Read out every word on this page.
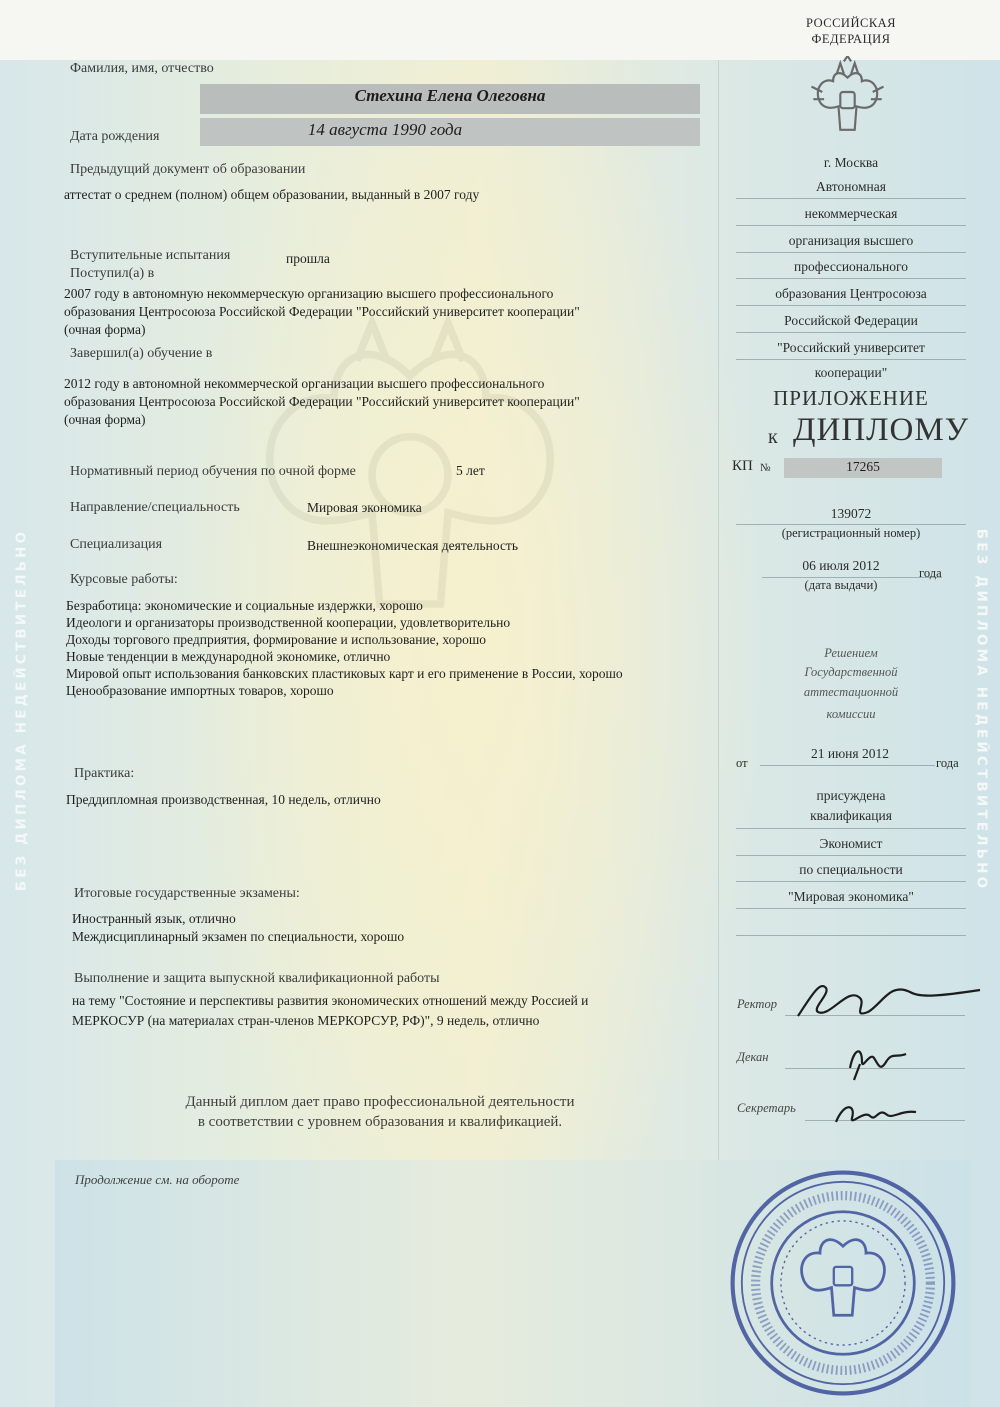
БЕЗ ДИПЛОМА НЕДЕЙСТВИТЕЛЬНО	БЕЗ ДИПЛОМА НЕДЕЙСТВИТЕЛЬНО
Фамилия, имя, отчество
Стехина Елена Олеговна
Дата рождения	14 августа 1990 года
Предыдущий документ об образовании
аттестат о среднем (полном) общем образовании, выданный в 2007 году
Вступительные испытания	прошла
Поступил(а) в
2007 году в автономную некоммерческую организацию высшего профессионального
образования Центросоюза Российской Федерации "Российский университет кооперации"
(очная форма)
Завершил(а) обучение в
2012 году в автономной некоммерческой организации высшего профессионального
образования Центросоюза Российской Федерации "Российский университет кооперации"
(очная форма)
Нормативный период обучения по очной форме	5 лет
Направление/специальность	Мировая экономика
Специализация	Внешнеэкономическая деятельность
Курсовые работы:
Безработица: экономические и социальные издержки, хорошо
Идеологи и организаторы производственной кооперации, удовлетворительно
Доходы торгового предприятия, формирование и использование, хорошо
Новые тенденции в международной экономике, отлично
Мировой опыт использования банковских пластиковых карт и его применение в России, хорошо
Ценообразование импортных товаров, хорошо
Практика:
Преддипломная производственная, 10 недель, отлично
Итоговые государственные экзамены:
Иностранный язык, отлично
Междисциплинарный экзамен по специальности, хорошо
Выполнение и защита выпускной квалификационной работы
на тему "Состояние и перспективы развития экономических отношений между Россией и
МЕРКОСУР (на материалах стран-членов МЕРКОРСУР, РФ)", 9 недель, отлично
Данный диплом дает право профессиональной деятельности
в соответствии с уровнем образования и квалификацией.
Продолжение см. на обороте
РОССИЙСКАЯ
ФЕДЕРАЦИЯ
г. Москва
Автономная
некоммерческая
организация высшего
профессионального
образования Центросоюза
Российской Федерации
"Российский университет
кооперации"
ПРИЛОЖЕНИЕ
к ДИПЛОМУ
КП №	17265
139072
(регистрационный номер)
06 июля 2012	года
(дата выдачи)
Решением
Государственной
аттестационной
комиссии
от
21 июня 2012
года
присуждена
квалификация
Экономист
по специальности
"Мировая экономика"
Ректор
Декан
Секретарь
